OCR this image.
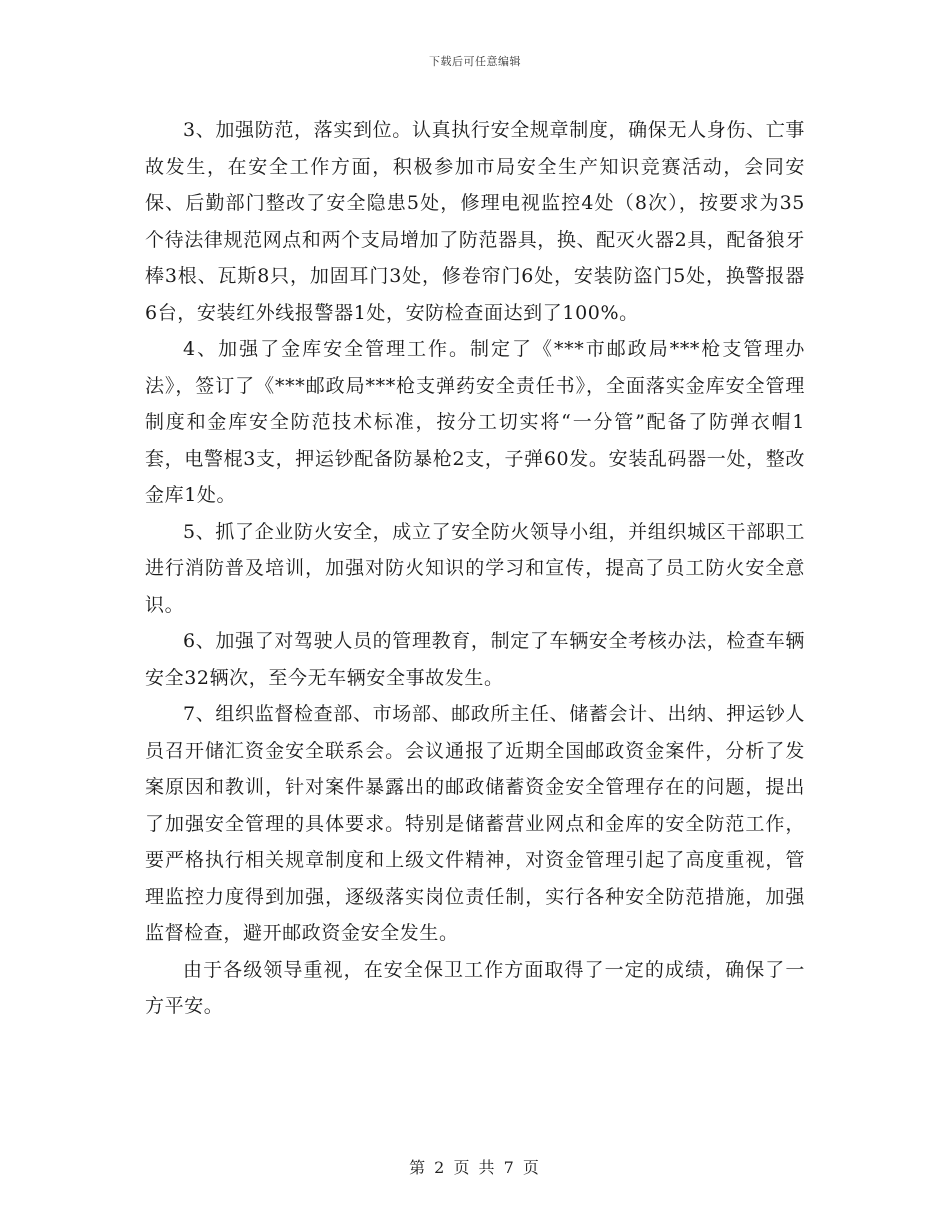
下载后可任意编辑

3、加强防范，落实到位。认真执行安全规章制度，确保无人身伤、亡事故发生，在安全工作方面，积极参加市局安全生产知识竞赛活动，会同安保、后勤部门整改了安全隐患5处，修理电视监控4处（8次），按要求为35个待法律规范网点和两个支局增加了防范器具，换、配灭火器2具，配备狼牙棒3根、瓦斯8只，加固耳门3处，修卷帘门6处，安装防盗门5处，换警报器6台，安装红外线报警器1处，安防检查面达到了100%。

4、加强了金库安全管理工作。制定了《***市邮政局***枪支管理办法》，签订了《***邮政局***枪支弹药安全责任书》，全面落实金库安全管理制度和金库安全防范技术标准，按分工切实将“一分管”配备了防弹衣帽1套，电警棍3支，押运钞配备防暴枪2支，子弹60发。安装乱码器一处，整改金库1处。

5、抓了企业防火安全，成立了安全防火领导小组，并组织城区干部职工进行消防普及培训，加强对防火知识的学习和宣传，提高了员工防火安全意识。

6、加强了对驾驶人员的管理教育，制定了车辆安全考核办法，检查车辆安全32辆次，至今无车辆安全事故发生。

7、组织监督检查部、市场部、邮政所主任、储蓄会计、出纳、押运钞人员召开储汇资金安全联系会。会议通报了近期全国邮政资金案件，分析了发案原因和教训，针对案件暴露出的邮政储蓄资金安全管理存在的问题，提出了加强安全管理的具体要求。特别是储蓄营业网点和金库的安全防范工作，要严格执行相关规章制度和上级文件精神，对资金管理引起了高度重视，管理监控力度得到加强，逐级落实岗位责任制，实行各种安全防范措施，加强监督检查，避开邮政资金安全发生。

由于各级领导重视，在安全保卫工作方面取得了一定的成绩，确保了一方平安。

第 2 页 共 7 页
